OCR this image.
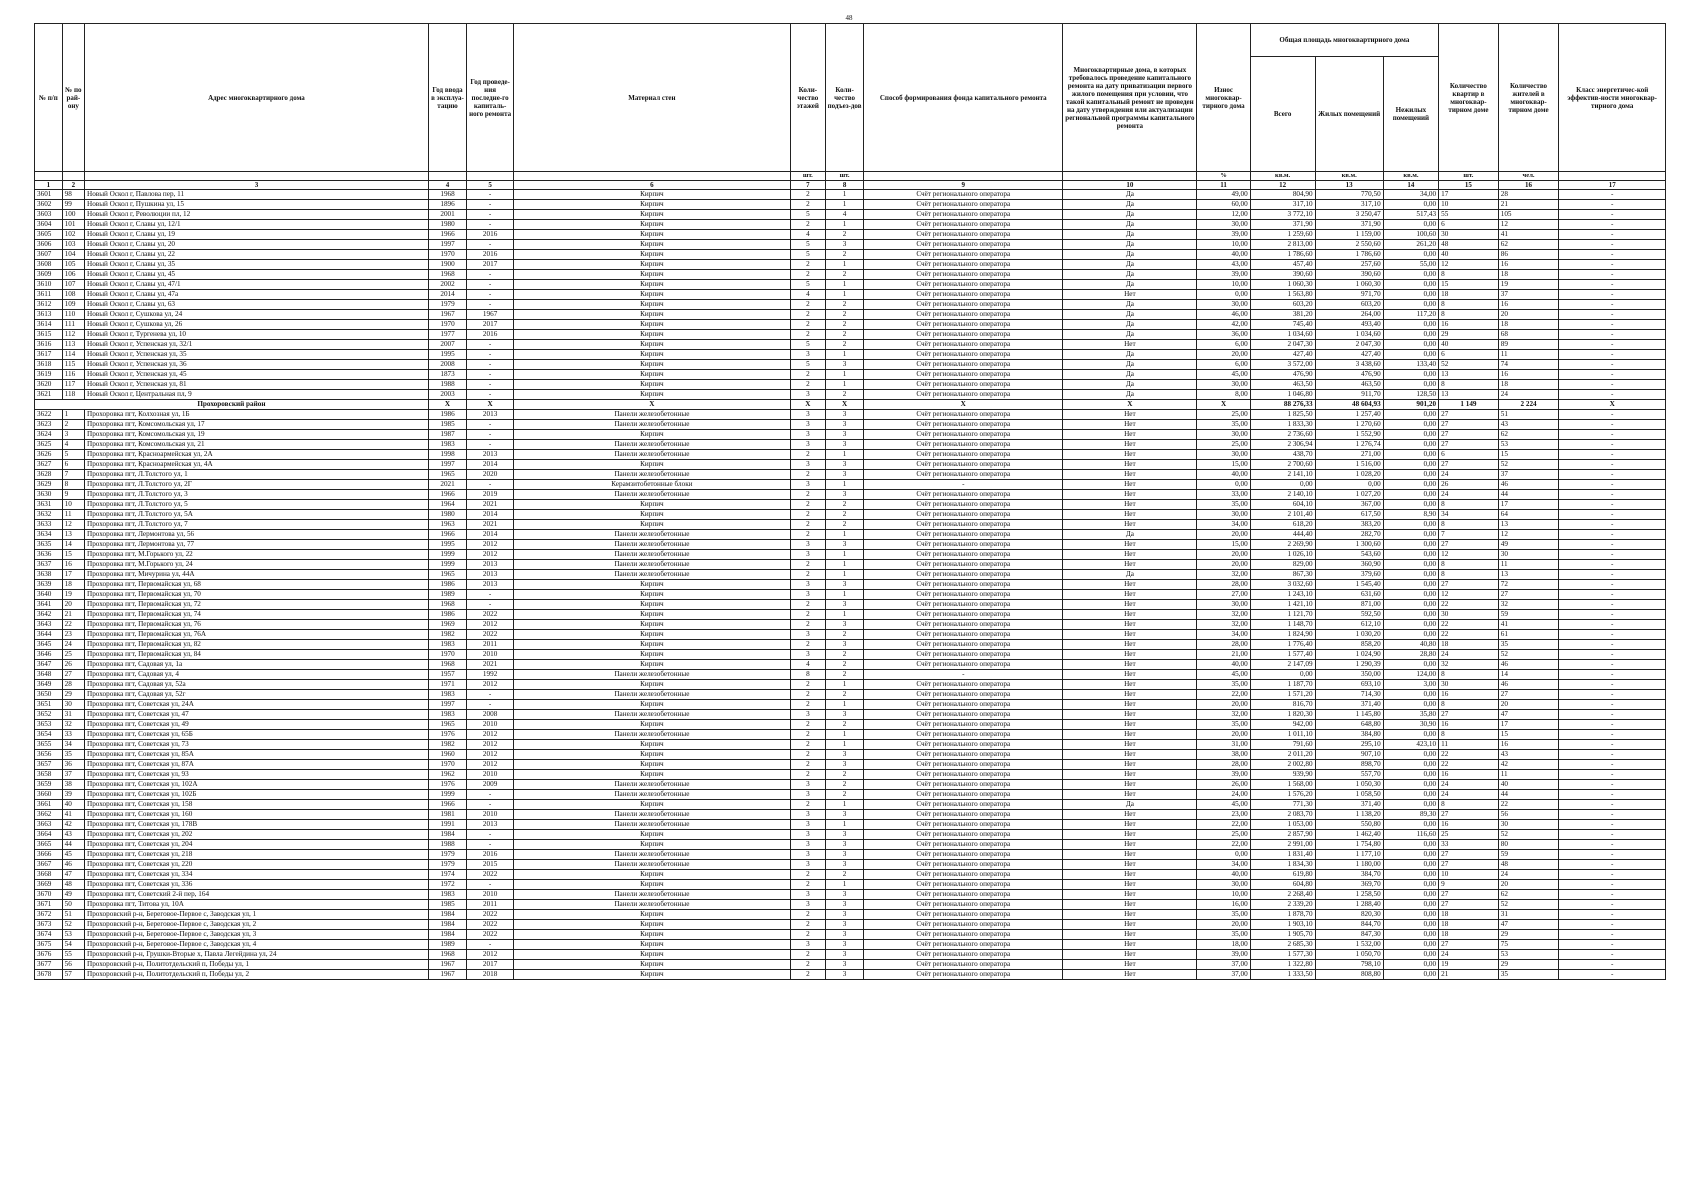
48
№ п/п	№ по рай-ону	Адрес многоквартирного дома	Год ввода в эксплуа-тацию	Год проведе-ния последне-го капиталь-ного ремонта	Материал стен	Коли-чество этажей	Коли-чество подъез-дов	Способ формирования фонда капитального ремонта	Многоквартирные дома, в которых требовалось проведение капитального ремонта на дату приватизации первого жилого помещения при условии, что такой капитальный ремонт не проведен на дату утверждения или актуализации региональной программы капитального ремонта	Износ многоквар-тирного дома	Общая площадь многоквартирного дома			Количество квартир в многоквар-тирном доме	Количество жителей в многоквар-тирном доме	Класс энергетичес-кой эффектив-ности многоквар-тирного дома
											Всего	Жилых помещений	Нежилых помещений			
						шт.	шт.			%	кв.м.	кв.м.	кв.м.	шт.	чел.	
1	2	3	4	5	6	7	8	9	10	11	12	13	14	15	16	17
3601	98	Новый Оскол г, Павлова пер, 11	1968	-	Кирпич	2	1	Счёт регионального оператора	Да	49,00	804,90	770,50	34,00	17	28	-
3602	99	Новый Оскол г, Пушкина ул, 15	1896	-	Кирпич	2	1	Счёт регионального оператора	Да	60,00	317,10	317,10	0,00	10	21	-
3603	100	Новый Оскол г, Революции пл, 12	2001	-	Кирпич	5	4	Счёт регионального оператора	Да	12,00	3 772,10	3 250,47	517,43	55	105	-
3604	101	Новый Оскол г, Славы ул, 12/1	1980	-	Кирпич	2	1	Счёт регионального оператора	Да	30,00	371,90	371,90	0,00	6	12	-
3605	102	Новый Оскол г, Славы ул, 19	1966	2016	Кирпич	4	2	Счёт регионального оператора	Да	39,00	1 259,60	1 159,00	100,60	30	41	-
3606	103	Новый Оскол г, Славы ул, 20	1997	-	Кирпич	5	3	Счёт регионального оператора	Да	10,00	2 813,00	2 550,60	261,20	48	62	-
3607	104	Новый Оскол г, Славы ул, 22	1970	2016	Кирпич	5	2	Счёт регионального оператора	Да	40,00	1 786,60	1 786,60	0,00	40	86	-
3608	105	Новый Оскол г, Славы ул, 35	1900	2017	Кирпич	2	1	Счёт регионального оператора	Да	43,00	457,40	257,60	55,00	12	16	-
3609	106	Новый Оскол г, Славы ул, 45	1968	-	Кирпич	2	2	Счёт регионального оператора	Да	39,00	390,60	390,60	0,00	8	18	-
3610	107	Новый Оскол г, Славы ул, 47/1	2002	-	Кирпич	5	1	Счёт регионального оператора	Да	10,00	1 060,30	1 060,30	0,00	15	19	-
3611	108	Новый Оскол г, Славы ул, 47а	2014	-	Кирпич	4	1	Счёт регионального оператора	Нет	0,00	1 563,80	971,70	0,00	18	37	-
3612	109	Новый Оскол г, Славы ул, 63	1979	-	Кирпич	2	2	Счёт регионального оператора	Да	30,00	603,20	603,20	0,00	8	16	-
3613	110	Новый Оскол г, Сушкова ул, 24	1967	1967	Кирпич	2	2	Счёт регионального оператора	Да	46,00	381,20	264,00	117,20	8	20	-
3614	111	Новый Оскол г, Сушкова ул, 26	1970	2017	Кирпич	2	2	Счёт регионального оператора	Да	42,00	745,40	493,40	0,00	16	18	-
3615	112	Новый Оскол г, Тургенева ул, 10	1977	2016	Кирпич	2	2	Счёт регионального оператора	Да	36,00	1 034,60	1 034,60	0,00	29	68	-
3616	113	Новый Оскол г, Успенская ул, 32/1	2007	-	Кирпич	5	2	Счёт регионального оператора	Нет	6,00	2 047,30	2 047,30	0,00	40	89	-
3617	114	Новый Оскол г, Успенская ул, 35	1995	-	Кирпич	3	1	Счёт регионального оператора	Да	20,00	427,40	427,40	0,00	6	11	-
3618	115	Новый Оскол г, Успенская ул, 36	2008	-	Кирпич	5	3	Счёт регионального оператора	Да	6,00	3 572,00	3 438,60	133,40	52	74	-
3619	116	Новый Оскол г, Успенская ул, 45	1873	-	Кирпич	2	1	Счёт регионального оператора	Да	45,00	476,90	476,90	0,00	13	16	-
3620	117	Новый Оскол г, Успенская ул, 81	1988	-	Кирпич	2	1	Счёт регионального оператора	Да	30,00	463,50	463,50	0,00	8	18	-
3621	118	Новый Оскол г, Центральная пл, 9	2003	-	Кирпич	3	2	Счёт регионального оператора	Да	8,00	1 046,80	911,70	128,50	13	24	-
Прохоровский район			X	X	X	X	X	X	X	X	88 276,33	48 604,93	901,20	1 149	2 224	X
3622	1	Прохоровка пгт, Колхозная ул, 1Б	1986	2013	Панели железобетонные	3	3	Счёт регионального оператора	Нет	25,00	1 825,50	1 257,40	0,00	27	51	-
3623	2	Прохоровка пгт, Комсомольская ул, 17	1985	-	Панели железобетонные	3	3	Счёт регионального оператора	Нет	35,00	1 833,30	1 270,60	0,00	27	43	-
3624	3	Прохоровка пгт, Комсомольская ул, 19	1987	-	Кирпич	3	3	Счёт регионального оператора	Нет	30,00	2 736,60	1 552,90	0,00	27	62	-
3625	4	Прохоровка пгт, Комсомольская ул, 21	1983	-	Панели железобетонные	3	3	Счёт регионального оператора	Нет	25,00	2 306,94	1 276,74	0,00	27	53	-
3626	5	Прохоровка пгт, Красноармейская ул, 2А	1998	2013	Панели железобетонные	2	1	Счёт регионального оператора	Нет	30,00	438,70	271,00	0,00	6	15	-
3627	6	Прохоровка пгт, Красноармейская ул, 4А	1997	2014	Кирпич	3	3	Счёт регионального оператора	Нет	15,00	2 700,60	1 516,00	0,00	27	52	-
3628	7	Прохоровка пгт, Л.Толстого ул, 1	1965	2020	Панели железобетонные	2	3	Счёт регионального оператора	Нет	40,00	2 141,10	1 028,20	0,00	24	37	-
3629	8	Прохоровка пгт, Л.Толстого ул, 2Г	2021	-	Керамзитобетонные блоки	3	1	-	Нет	0,00	0,00	0,00	0,00	26	46	-
3630	9	Прохоровка пгт, Л.Толстого ул, 3	1966	2019	Панели железобетонные	2	3	Счёт регионального оператора	Нет	33,00	2 140,10	1 027,20	0,00	24	44	-
3631	10	Прохоровка пгт, Л.Толстого ул, 5	1964	2021	Кирпич	2	2	Счёт регионального оператора	Нет	35,00	604,10	367,00	0,00	8	17	-
3632	11	Прохоровка пгт, Л.Толстого ул, 5А	1980	2014	Кирпич	2	2	Счёт регионального оператора	Нет	30,00	2 101,40	617,50	8,90	34	64	-
3633	12	Прохоровка пгт, Л.Толстого ул, 7	1963	2021	Кирпич	2	2	Счёт регионального оператора	Нет	34,00	618,20	383,20	0,00	8	13	-
3634	13	Прохоровка пгт, Лермонтова ул, 56	1966	2014	Панели железобетонные	2	1	Счёт регионального оператора	Да	20,00	444,40	282,70	0,00	7	12	-
3635	14	Прохоровка пгт, Лермонтова ул, 77	1995	2012	Панели железобетонные	3	3	Счёт регионального оператора	Нет	15,00	2 269,90	1 300,60	0,00	27	49	-
3636	15	Прохоровка пгт, М.Горького ул, 22	1999	2012	Панели железобетонные	3	1	Счёт регионального оператора	Нет	20,00	1 026,10	543,60	0,00	12	30	-
3637	16	Прохоровка пгт, М.Горького ул, 24	1999	2013	Панели железобетонные	2	1	Счёт регионального оператора	Нет	20,00	829,00	360,90	0,00	8	11	-
3638	17	Прохоровка пгт, Мичурина ул, 44А	1965	2013	Панели железобетонные	2	1	Счёт регионального оператора	Да	32,00	867,30	379,60	0,00	8	13	-
3639	18	Прохоровка пгт, Первомайская ул, 68	1986	2013	Кирпич	3	3	Счёт регионального оператора	Нет	28,00	3 032,60	1 545,40	0,00	27	72	-
3640	19	Прохоровка пгт, Первомайская ул, 70	1989	-	Кирпич	3	1	Счёт регионального оператора	Нет	27,00	1 243,10	631,60	0,00	12	27	-
3641	20	Прохоровка пгт, Первомайская ул, 72	1968	-	Кирпич	2	3	Счёт регионального оператора	Нет	30,00	1 421,10	871,00	0,00	22	32	-
3642	21	Прохоровка пгт, Первомайская ул, 74	1986	2022	Кирпич	2	1	Счёт регионального оператора	Нет	32,00	1 121,70	592,50	0,00	30	59	-
3643	22	Прохоровка пгт, Первомайская ул, 76	1969	2012	Кирпич	2	3	Счёт регионального оператора	Нет	32,00	1 148,70	612,10	0,00	22	41	-
3644	23	Прохоровка пгт, Первомайская ул, 76А	1982	2022	Кирпич	3	2	Счёт регионального оператора	Нет	34,00	1 824,90	1 030,20	0,00	22	61	-
3645	24	Прохоровка пгт, Первомайская ул, 82	1983	2011	Кирпич	2	3	Счёт регионального оператора	Нет	28,00	1 776,40	858,20	40,80	18	35	-
3646	25	Прохоровка пгт, Первомайская ул, 84	1970	2010	Кирпич	3	2	Счёт регионального оператора	Нет	21,00	1 577,40	1 024,90	28,80	24	52	-
3647	26	Прохоровка пгт, Садовая ул, 1а	1968	2021	Кирпич	4	2	Счёт регионального оператора	Нет	40,00	2 147,09	1 290,39	0,00	32	46	-
3648	27	Прохоровка пгт, Садовая ул, 4	1957	1992	Панели железобетонные	8	2	-	Нет	45,00	0,00	350,00	124,00	8	14	-
3649	28	Прохоровка пгт, Садовая ул, 52а	1971	2012	Кирпич	2	1	Счёт регионального оператора	Нет	35,00	1 187,70	693,10	3,00	30	46	-
3650	29	Прохоровка пгт, Садовая ул, 52г	1983	-	Панели железобетонные	2	2	Счёт регионального оператора	Нет	22,00	1 571,20	714,30	0,00	16	27	-
3651	30	Прохоровка пгт, Советская ул, 24А	1997	-	Кирпич	2	1	Счёт регионального оператора	Нет	20,00	816,70	371,40	0,00	8	20	-
3652	31	Прохоровка пгт, Советская ул, 47	1983	2008	Панели железобетонные	3	3	Счёт регионального оператора	Нет	32,00	1 820,30	1 145,80	35,80	27	47	-
3653	32	Прохоровка пгт, Советская ул, 49	1965	2010	Кирпич	2	2	Счёт регионального оператора	Нет	35,00	942,00	648,80	30,90	16	17	-
3654	33	Прохоровка пгт, Советская ул, 65Б	1976	2012	Панели железобетонные	2	1	Счёт регионального оператора	Нет	20,00	1 011,10	384,80	0,00	8	15	-
3655	34	Прохоровка пгт, Советская ул, 73	1982	2012	Кирпич	2	1	Счёт регионального оператора	Нет	31,00	791,60	295,10	423,10	11	16	-
3656	35	Прохоровка пгт, Советская ул, 85А	1960	2012	Кирпич	2	3	Счёт регионального оператора	Нет	38,00	2 011,20	907,10	0,00	22	43	-
3657	36	Прохоровка пгт, Советская ул, 87А	1970	2012	Кирпич	2	3	Счёт регионального оператора	Нет	28,00	2 002,80	898,70	0,00	22	42	-
3658	37	Прохоровка пгт, Советская ул, 93	1962	2010	Кирпич	2	2	Счёт регионального оператора	Нет	39,00	939,90	557,70	0,00	16	11	-
3659	38	Прохоровка пгт, Советская ул, 102А	1976	2009	Панели железобетонные	3	2	Счёт регионального оператора	Нет	26,00	1 568,00	1 050,30	0,00	24	40	-
3660	39	Прохоровка пгт, Советская ул, 102Б	1999	-	Панели железобетонные	3	2	Счёт регионального оператора	Нет	24,00	1 576,20	1 058,50	0,00	24	44	-
3661	40	Прохоровка пгт, Советская ул, 158	1966	-	Кирпич	2	1	Счёт регионального оператора	Да	45,00	771,30	371,40	0,00	8	22	-
3662	41	Прохоровка пгт, Советская ул, 160	1981	2010	Панели железобетонные	3	3	Счёт регионального оператора	Нет	23,00	2 083,70	1 138,20	89,30	27	56	-
3663	42	Прохоровка пгт, Советская ул, 178В	1991	2013	Панели железобетонные	3	1	Счёт регионального оператора	Нет	22,00	1 053,00	550,80	0,00	16	30	-
3664	43	Прохоровка пгт, Советская ул, 202	1984	-	Кирпич	3	3	Счёт регионального оператора	Нет	25,00	2 857,90	1 462,40	116,60	25	52	-
3665	44	Прохоровка пгт, Советская ул, 204	1988	-	Кирпич	3	3	Счёт регионального оператора	Нет	22,00	2 991,00	1 754,80	0,00	33	80	-
3666	45	Прохоровка пгт, Советская ул, 218	1979	2016	Панели железобетонные	3	3	Счёт регионального оператора	Нет	0,00	1 831,40	1 177,10	0,00	27	59	-
3667	46	Прохоровка пгт, Советская ул, 220	1979	2015	Панели железобетонные	3	3	Счёт регионального оператора	Нет	34,00	1 834,30	1 180,00	0,00	27	48	-
3668	47	Прохоровка пгт, Советская ул, 334	1974	2022	Кирпич	2	2	Счёт регионального оператора	Нет	40,00	619,80	384,70	0,00	10	24	-
3669	48	Прохоровка пгт, Советская ул, 336	1972	-	Кирпич	2	1	Счёт регионального оператора	Нет	30,00	604,80	369,70	0,00	9	20	-
3670	49	Прохоровка пгт, Советский 2-й пер, 164	1983	2010	Панели железобетонные	3	3	Счёт регионального оператора	Нет	10,00	2 268,40	1 258,50	0,00	27	62	-
3671	50	Прохоровка пгт, Титова ул, 10А	1985	2011	Панели железобетонные	3	3	Счёт регионального оператора	Нет	16,00	2 339,20	1 288,40	0,00	27	52	-
3672	51	Прохоровский р-н, Береговое-Первое с, Заводская ул, 1	1984	2022	Кирпич	2	3	Счёт регионального оператора	Нет	35,00	1 878,70	820,30	0,00	18	31	-
3673	52	Прохоровский р-н, Береговое-Первое с, Заводская ул, 2	1984	2022	Кирпич	2	3	Счёт регионального оператора	Нет	20,00	1 903,10	844,70	0,00	18	47	-
3674	53	Прохоровский р-н, Береговое-Первое с, Заводская ул, 3	1984	2022	Кирпич	2	3	Счёт регионального оператора	Нет	35,00	1 905,70	847,30	0,00	18	29	-
3675	54	Прохоровский р-н, Береговое-Первое с, Заводская ул, 4	1989	-	Кирпич	3	3	Счёт регионального оператора	Нет	18,00	2 685,30	1 532,00	0,00	27	75	-
3676	55	Прохоровский р-н, Грушки-Вторые х, Павла Легейдина ул, 24	1968	2012	Кирпич	2	3	Счёт регионального оператора	Нет	39,00	1 577,30	1 050,70	0,00	24	53	-
3677	56	Прохоровский р-н, Политотдельский п, Победы ул, 1	1967	2017	Кирпич	2	3	Счёт регионального оператора	Нет	37,00	1 322,80	798,10	0,00	19	29	-
3678	57	Прохоровский р-н, Политотдельский п, Победы ул, 2	1967	2018	Кирпич	2	3	Счёт регионального оператора	Нет	37,00	1 333,50	808,80	0,00	21	35	-
